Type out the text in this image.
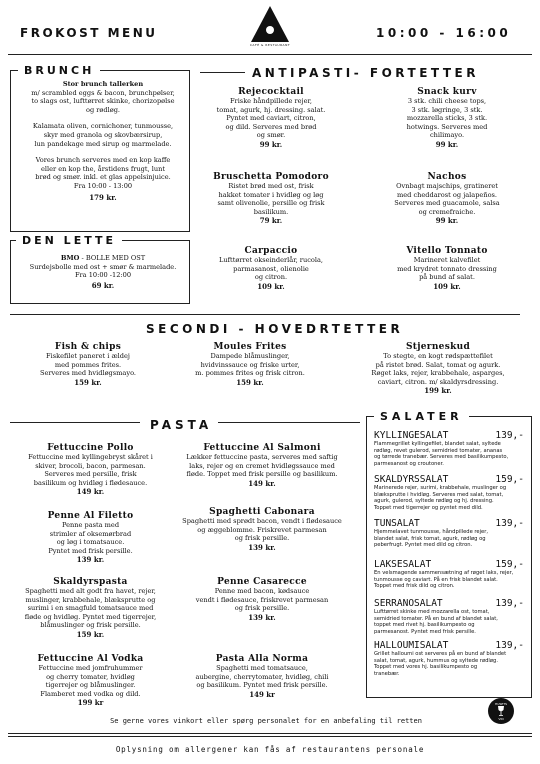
FROKOST MENU	10:00 - 16:00
CAFÉ & RESTAURANT
BRUNCH
Stor brunch tallerken
m/ scrambled eggs & bacon, brunchpølser,
to slags ost, lufttørret skinke, chorizopølse
og rødløg.
Kalamata oliven, cornichoner, tunmousse,
skyr med granola og skovbærsirup,
lun pandekage med sirup og marmelade.
Vores brunch serveres med en kop kaffe
eller en kop the, årstidens frugt, lunt
brød og smør. inkl. et glas appelsinjuice.
Fra 10:00 - 13:00
179 kr.
DEN LETTE
BMO - BOLLE MED OST
Surdejsbolle med ost + smør & marmelade.
Fra 10:00 -12:00
69 kr.
ANTIPASTI- FORTETTER
Rejecocktail
Friske håndpillede rejer,
tomat, agurk, hj. dressing. salat.
Pyntet med caviart, citron,
og dild. Serveres med brød
og smør.
99 kr.
Snack kurv
3 stk. chili cheese tops,
3 stk. løgringe, 3 stk.
mozzarella sticks, 3 stk.
hotwings. Serveres med
chilimayo.
99 kr.
Bruschetta Pomodoro
Ristet brød med ost, frisk
hakket tomater i hvidløg og løg
samt olivenolie, persille og frisk
basilikum.
79 kr.
Nachos
Ovnbagt majschips, gratineret
med cheddarost og jalapeños.
Serveres med guacamole, salsa
og cremefraiche.
99 kr.
Carpaccio
Lufttørret okseinderlår, rucola,
parmasanost, olienolie
og citron.
109 kr.
Vitello Tonnato
Marineret kalvefilet
med krydret tonnato dressing
på bund af salat.
109 kr.
SECONDI - HOVEDRTETTER
Fish & chips
Fiskefilet paneret i ældej
med pommes frites.
Serveres med hvidløgsmayo.
159 kr.
Moules Frites
Dampede blåmuslinger,
hvidvinssauce og friske urter,
m. pommes frites og frisk citron.
159 kr.
Stjerneskud
To stegte, en kogt rødspættefilet
på ristet brød. Salat, tomat og agurk.
Røget laks, rejer, krabbehale, asparges,
caviart, citron. m/ skaldyrsdressing.
199 kr.
PASTA
Fettuccine Pollo
Fettuccine med kyllingebryst skåret i
skiver, brocoli, bacon, parmesan.
Serveres med persille, frisk
basilikum og hvidløg i flødesauce.
149 kr.
Fettuccine Al Salmoni
Lækker fettuccine pasta, serveres med saftig
laks, rejer og en cremet hvidløgssauce med
fløde. Toppet med frisk persille og basilikum.
149 kr.
Penne Al Filetto
Penne pasta med
strimler af oksemørbrad
og løg i tomatsauce.
Pyntet med frisk persille.
139 kr.
Spaghetti Cabonara
Spaghetti med sprødt bacon, vendt i flødesauce
og æggeblomme. Friskrevet parmesan
og frisk persille.
139 kr.
Skaldyrspasta
Spaghetti med alt godt fra havet, rejer,
muslinger, krabbehale, blæksprutte og
surimi i en smagfuld tomatsauce med
fløde og hvidløg. Pyntet med tigerrejer,
blåmuslinger og frisk persille.
159 kr.
Penne Casarecce
Penne med bacon, kødsauce
vendt i flødesauce, friskrevet parmesan
og frisk persille.
139 kr.
Fettuccine Al Vodka
Fettuccine med jomfruhummer
og cherry tomater, hvidløg
tigerrejer og blåmuslinger.
Flamberet med vodka og dild.
199 kr
Pasta Alla Norma
Spaghetti med tomatsauce,
aubergine, cherrytomater, hvidløg, chili
og basilikum. Pyntet med frisk persille.
149 kr
SALATER
KYLLINGESALAT	139,-
Flammegrillet kyllingefilet, blandet salat, syltede
rødløg, revet gulerod, semidried tomater, ananas
og tørrede tranebær. Serveres med basilikumpesto,
parmesanost og croutoner.
SKALDYRSSALAT	159,-
Marinerede rejer, surimi, krabbehale, muslinger og
blæksprutte i hvidløg. Serveres med salat, tomat,
agurk, gulerod, syltede rødløg og hj. dressing.
Toppet med tigerrejer og pyntet med dild.
TUNSALAT	139,-
Hjemmelavet tunmousse, håndpillede rejer,
blandet salat, frisk tomat, agurk, rødløg og
peberfrugt. Pyntet med dild og citron.
LAKSESALAT	159,-
En velsmagende sammensætning af røget laks, rejer,
tunmousse og caviart. På en frisk blandet salat.
Toppet med frisk dild og citron.
SERRANOSALAT	139,-
Lufttørret skinke med mozzarella ost, tomat,
semidried tomater. På en bund af blandet salat,
toppet med rivet hj. basilikumpesto og
parmesanost. Pyntet med frisk persille.
HALLOUMISALAT	139,-
Grillet halloumi ost serveres på en bund af blandet
salat, tomat, agurk, hummus og syltede rødløg.
Toppet med vores hj. basilikumpesto og
tranebær.
Se gerne vores vinkort eller spørg personalet for en anbefaling til retten
HUSETS
VIN
Oplysning om allergener kan fås af restaurantens personale
